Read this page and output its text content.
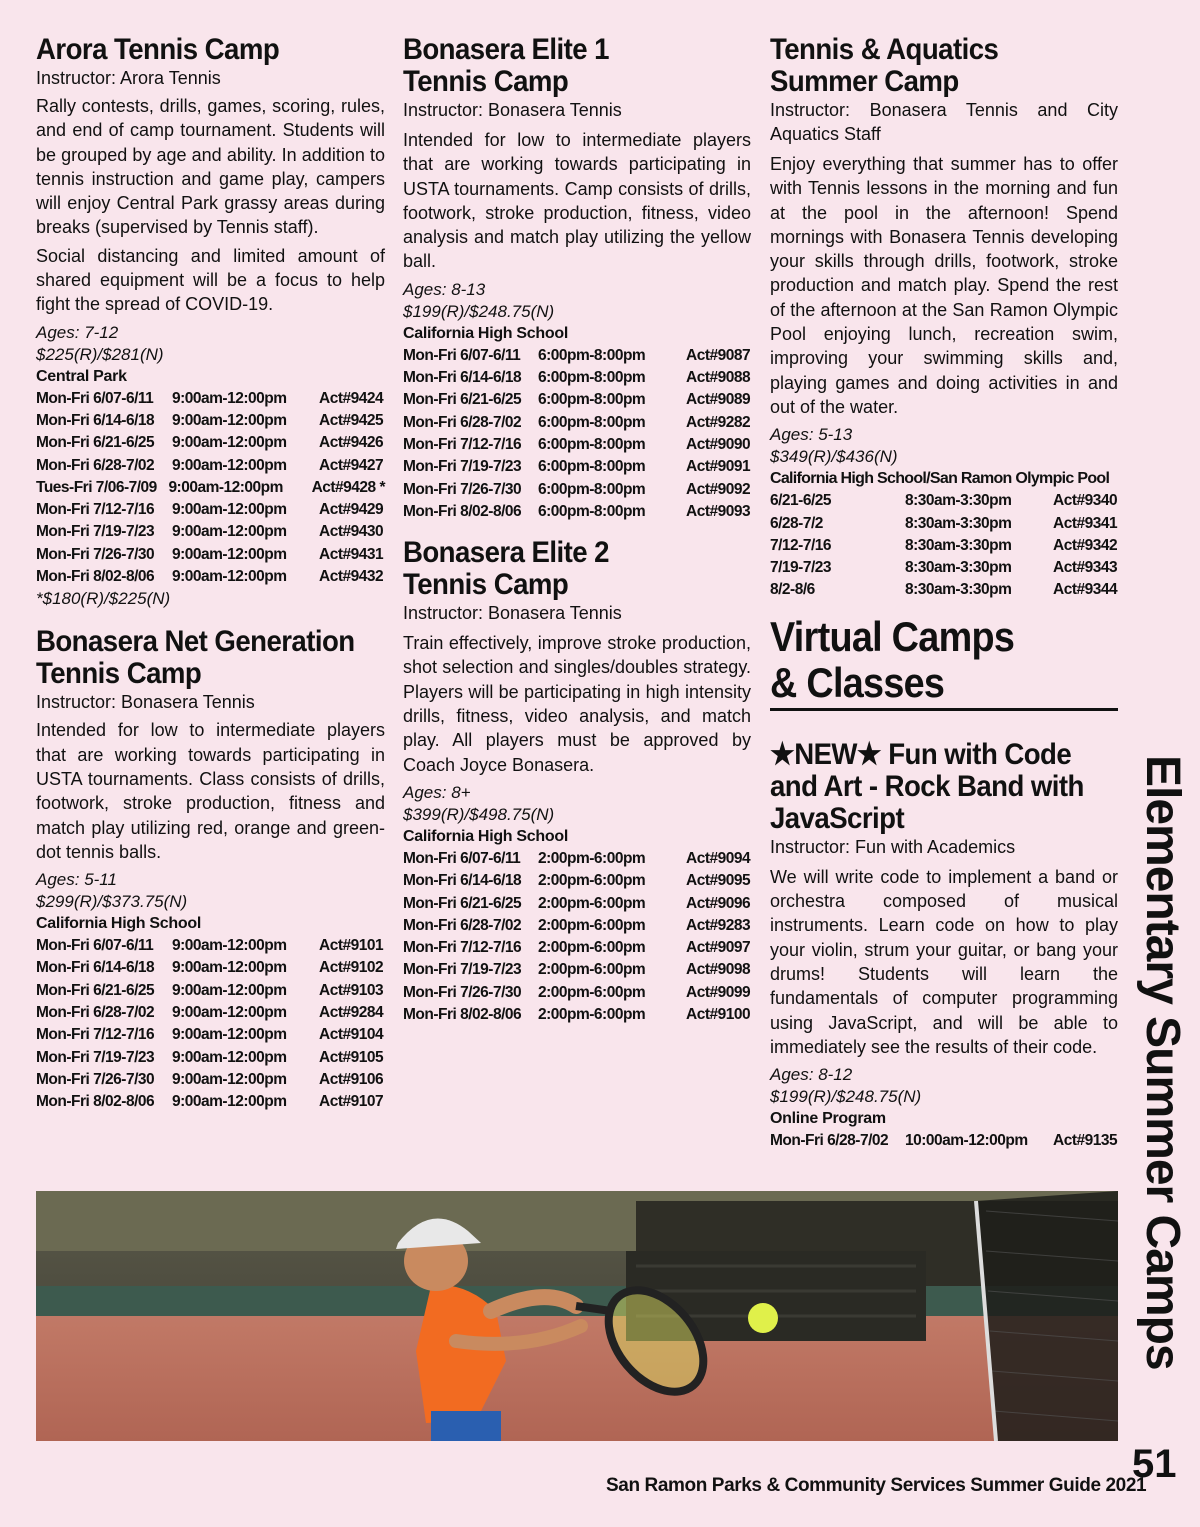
Arora Tennis Camp

Instructor: Arora Tennis

Rally contests, drills, games, scoring, rules, and end of camp tournament. Students will be grouped by age and ability. In addition to tennis instruction and game play, campers will enjoy Central Park grassy areas during breaks (supervised by Tennis staff).

Social distancing and limited amount of shared equipment will be a focus to help fight the spread of COVID-19.

Ages: 7-12

$225(R)/$281(N)

Central Park

Mon-Fri 6/07-6/11	9:00am-12:00pm	Act#9424
Mon-Fri 6/14-6/18	9:00am-12:00pm	Act#9425
Mon-Fri 6/21-6/25	9:00am-12:00pm	Act#9426
Mon-Fri 6/28-7/02	9:00am-12:00pm	Act#9427
Tues-Fri 7/06-7/09 9:00am-12:00pm	Act#9428 *
Mon-Fri 7/12-7/16	9:00am-12:00pm	Act#9429
Mon-Fri 7/19-7/23	9:00am-12:00pm	Act#9430
Mon-Fri 7/26-7/30	9:00am-12:00pm	Act#9431
Mon-Fri 8/02-8/06	9:00am-12:00pm	Act#9432

*$180(R)/$225(N)

Bonasera Net Generation
Tennis Camp

Instructor: Bonasera Tennis

Intended for low to intermediate players that are working towards participating in USTA tournaments. Class consists of drills, footwork, stroke production, fitness and match play utilizing red, orange and green-dot tennis balls.

Ages: 5-11

$299(R)/$373.75(N)

California High School

Mon-Fri 6/07-6/11	9:00am-12:00pm	Act#9101
Mon-Fri 6/14-6/18	9:00am-12:00pm	Act#9102
Mon-Fri 6/21-6/25	9:00am-12:00pm	Act#9103
Mon-Fri 6/28-7/02	9:00am-12:00pm	Act#9284
Mon-Fri 7/12-7/16	9:00am-12:00pm	Act#9104
Mon-Fri 7/19-7/23	9:00am-12:00pm	Act#9105
Mon-Fri 7/26-7/30	9:00am-12:00pm	Act#9106
Mon-Fri 8/02-8/06	9:00am-12:00pm	Act#9107
Bonasera Elite 1
Tennis Camp

Instructor: Bonasera Tennis

Intended for low to intermediate players that are working towards participating in USTA tournaments. Camp consists of drills, footwork, stroke production, fitness, video analysis and match play utilizing the yellow ball.

Ages: 8-13

$199(R)/$248.75(N)

California High School

Mon-Fri 6/07-6/11	6:00pm-8:00pm	Act#9087
Mon-Fri 6/14-6/18	6:00pm-8:00pm	Act#9088
Mon-Fri 6/21-6/25	6:00pm-8:00pm	Act#9089
Mon-Fri 6/28-7/02	6:00pm-8:00pm	Act#9282
Mon-Fri 7/12-7/16	6:00pm-8:00pm	Act#9090
Mon-Fri 7/19-7/23	6:00pm-8:00pm	Act#9091
Mon-Fri 7/26-7/30	6:00pm-8:00pm	Act#9092
Mon-Fri 8/02-8/06	6:00pm-8:00pm	Act#9093
Bonasera Elite 2
Tennis Camp

Instructor: Bonasera Tennis

Train effectively, improve stroke production, shot selection and singles/doubles strategy. Players will be participating in high intensity drills, fitness, video analysis, and match play. All players must be approved by Coach Joyce Bonasera.

Ages: 8+

$399(R)/$498.75(N)

California High School

Mon-Fri 6/07-6/11	2:00pm-6:00pm	Act#9094
Mon-Fri 6/14-6/18	2:00pm-6:00pm	Act#9095
Mon-Fri 6/21-6/25	2:00pm-6:00pm	Act#9096
Mon-Fri 6/28-7/02	2:00pm-6:00pm	Act#9283
Mon-Fri 7/12-7/16	2:00pm-6:00pm	Act#9097
Mon-Fri 7/19-7/23	2:00pm-6:00pm	Act#9098
Mon-Fri 7/26-7/30	2:00pm-6:00pm	Act#9099
Mon-Fri 8/02-8/06	2:00pm-6:00pm	Act#9100
Tennis & Aquatics
Summer Camp

Instructor: Bonasera Tennis and City Aquatics Staff

Enjoy everything that summer has to offer with Tennis lessons in the morning and fun at the pool in the afternoon! Spend mornings with Bonasera Tennis developing your skills through drills, footwork, stroke production and match play. Spend the rest of the afternoon at the San Ramon Olympic Pool enjoying lunch, recreation swim, improving your swimming skills and, playing games and doing activities in and out of the water.

Ages: 5-13

$349(R)/$436(N)

California High School/San Ramon Olympic Pool

6/21-6/25	8:30am-3:30pm	Act#9340
6/28-7/2	8:30am-3:30pm	Act#9341
7/12-7/16	8:30am-3:30pm	Act#9342
7/19-7/23	8:30am-3:30pm	Act#9343
8/2-8/6	8:30am-3:30pm	Act#9344
Virtual Camps
& Classes
★NEW★ Fun with Code
and Art - Rock Band with
JavaScript

Instructor: Fun with Academics

We will write code to implement a band or orchestra composed of musical instruments. Learn code on how to play your violin, strum your guitar, or bang your drums! Students will learn the fundamentals of computer programming using JavaScript, and will be able to immediately see the results of their code.

Ages: 8-12

$199(R)/$248.75(N)

Online Program

Mon-Fri 6/28-7/02	10:00am-12:00pm	Act#9135 Elementary Summer Camps
51
San Ramon Parks & Community Services Summer Guide 2021
